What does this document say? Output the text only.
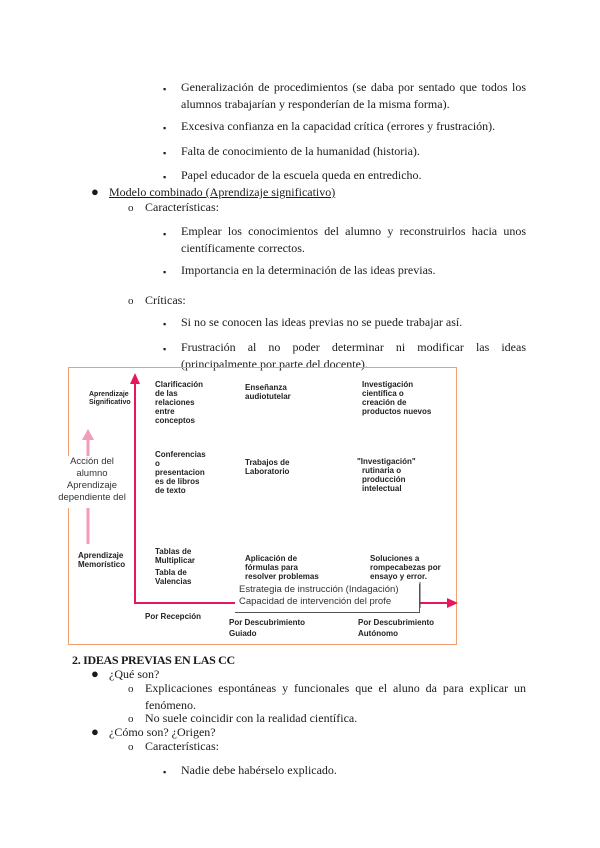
▪ Generalización de procedimientos (se daba por sentado que todos los
alumnos trabajarían y responderían de la misma forma).
▪ Excesiva confianza en la capacidad crítica (errores y frustración).
▪ Falta de conocimiento de la humanidad (historia).
▪ Papel educador de la escuela queda en entredicho.
● Modelo combinado (Aprendizaje significativo)
o Características:
▪ Emplear los conocimientos del alumno y reconstruirlos hacia unos
científicamente correctos.
▪ Importancia en la determinación de las ideas previas.
o Críticas:
▪ Si no se conocen las ideas previas no se puede trabajar así.
▪ Frustración al no poder determinar ni modificar las ideas
(principalmente por parte del docente).
Aprendizaje Significativo
Acción del
alumno
Aprendizaje
dependiente del
Aprendizaje
Memorístico
Clarificación
de las
relaciones
entre
conceptos
Enseñanza
audiotutelar
Investigación
científica o
creación de
productos nuevos
Conferencias
o
presentacion
es de libros
de texto
Trabajos de
Laboratorio
"Investigación"
rutinaria o
producción
intelectual
Tablas de
Multiplicar
Tabla de
Valencias
Aplicación de
fórmulas para
resolver problemas
Soluciones a
rompecabezas por
ensayo y error.
Estrategia de instrucción (Indagación)
Capacidad de intervención del profe
Por Recepción
Por Descubrimiento
Guiado
Por Descubrimiento
Autónomo
2. IDEAS PREVIAS EN LAS CC
● ¿Qué son?
o Explicaciones espontáneas y funcionales que el aluno da para explicar un
fenómeno.
o No suele coincidir con la realidad científica.
● ¿Cómo son? ¿Origen?
o Características:
▪ Nadie debe habérselo explicado.
